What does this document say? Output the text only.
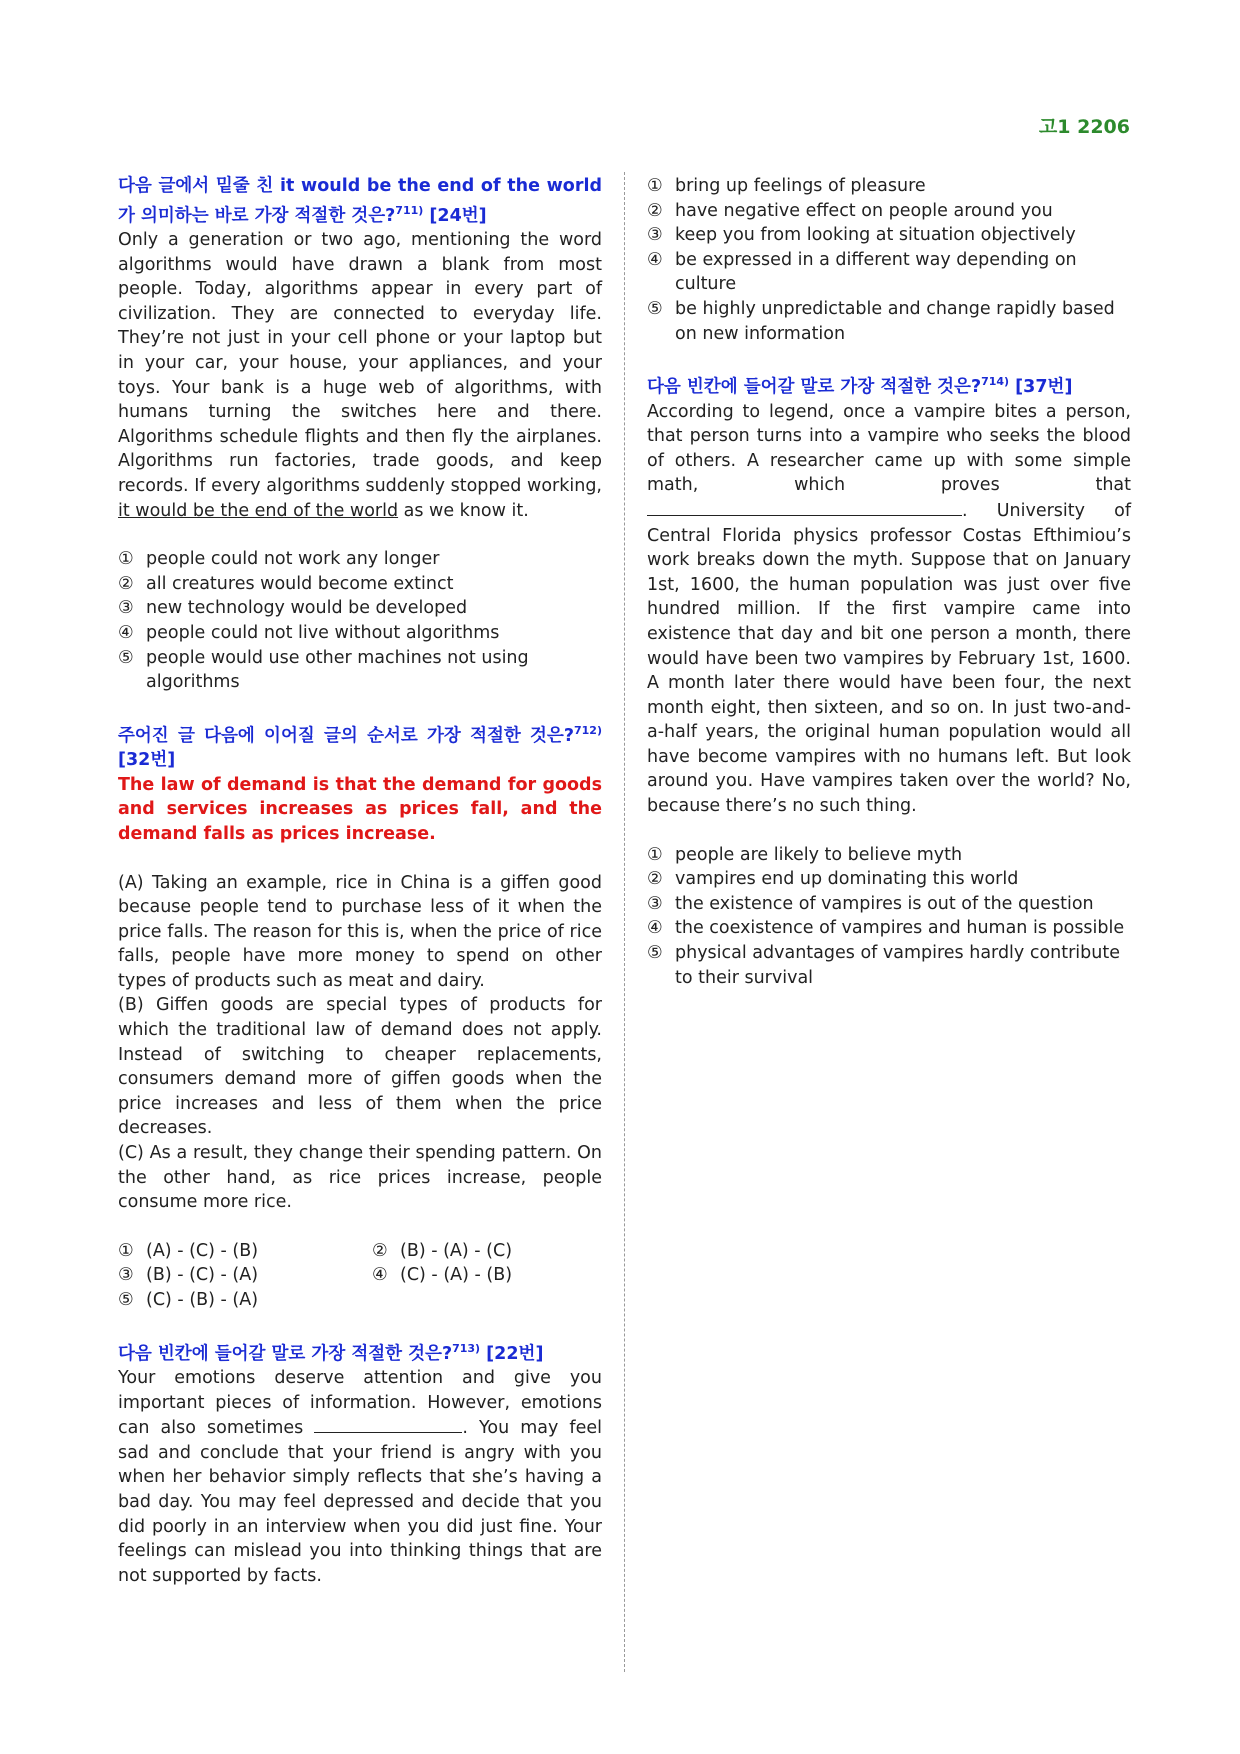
고1 2206

다음 글에서 밑줄 친 it would be the end of the world가 의미하는 바로 가장 적절한 것은?$^{711)}$ [24번]

Only a generation or two ago, mentioning the word algorithms would have drawn a blank from most people. Today, algorithms appear in every part of civilization. They are connected to everyday life. They’re not just in your cell phone or your laptop but in your car, your house, your appliances, and your toys. Your bank is a huge web of algorithms, with humans turning the switches here and there. Algorithms schedule flights and then fly the airplanes. Algorithms run factories, trade goods, and keep records. If every algorithms suddenly stopped working, it would be the end of the world as we know it.

① people could not work any longer
② all creatures would become extinct
③ new technology would be developed
④ people could not live without algorithms
⑤ people would use other machines not using algorithms

주어진 글 다음에 이어질 글의 순서로 가장 적절한 것은?$^{712)}$ [32번]

The law of demand is that the demand for goods and services increases as prices fall, and the demand falls as prices increase.

(A) Taking an example, rice in China is a giffen good because people tend to purchase less of it when the price falls. The reason for this is, when the price of rice falls, people have more money to spend on other types of products such as meat and dairy.

(B) Giffen goods are special types of products for which the traditional law of demand does not apply. Instead of switching to cheaper replacements, consumers demand more of giffen goods when the price increases and less of them when the price decreases.

(C) As a result, they change their spending pattern. On the other hand, as rice prices increase, people consume more rice.

① (A) - (C) - (B)	② (B) - (A) - (C)
③ (B) - (C) - (A)	④ (C) - (A) - (B)
⑤ (C) - (B) - (A)

다음 빈칸에 들어갈 말로 가장 적절한 것은?$^{713)}$ [22번]

Your emotions deserve attention and give you important pieces of information. However, emotions can also sometimes	. You may feel sad and conclude that your friend is angry with you when her behavior simply reflects that she’s having a bad day. You may feel depressed and decide that you did poorly in an interview when you did just fine. Your feelings can mislead you into thinking things that are not supported by facts.

① bring up feelings of pleasure
② have negative effect on people around you
③ keep you from looking at situation objectively
④ be expressed in a different way depending on culture
⑤ be highly unpredictable and change rapidly based on new information

다음 빈칸에 들어갈 말로 가장 적절한 것은?$^{714)}$ [37번]

According to legend, once a vampire bites a person, that person turns into a vampire who seeks the blood of others. A researcher came up with some simple math, which proves that . University of Central Florida physics professor Costas Efthimiou’s work breaks down the myth. Suppose that on January 1st, 1600, the human population was just over five hundred million. If the first vampire came into existence that day and bit one person a month, there would have been two vampires by February 1st, 1600. A month later there would have been four, the next month eight, then sixteen, and so on. In just two-and-a-half years, the original human population would all have become vampires with no humans left. But look around you. Have vampires taken over the world? No, because there’s no such thing.

① people are likely to believe myth
② vampires end up dominating this world
③ the existence of vampires is out of the question
④ the coexistence of vampires and human is possible
⑤ physical advantages of vampires hardly contribute to their survival
